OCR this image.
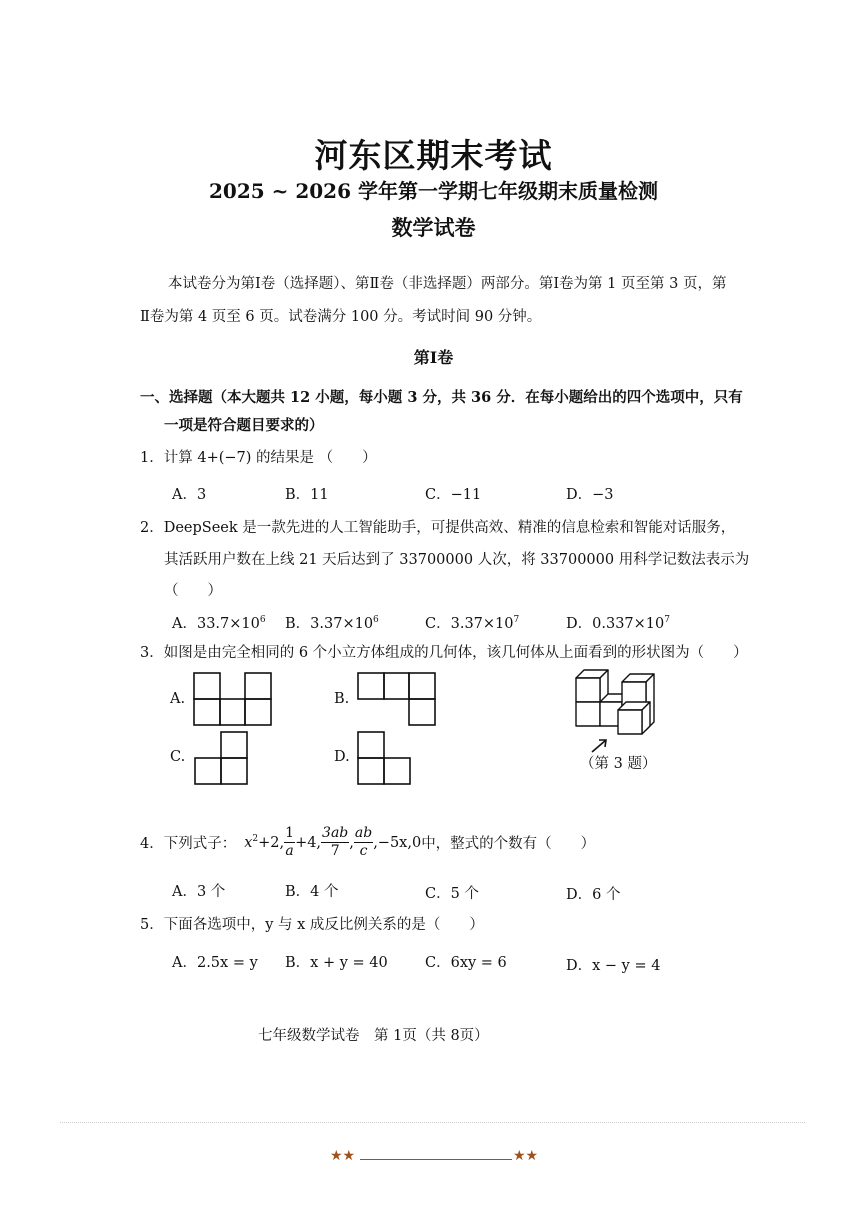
河东区期末考试
2025 ~ 2026 学年第一学期七年级期末质量检测
数学试卷
本试卷分为第Ⅰ卷（选择题）、第Ⅱ卷（非选择题）两部分。第Ⅰ卷为第 1 页至第 3 页，第
Ⅱ卷为第 4 页至 6 页。试卷满分 100 分。考试时间 90 分钟。
第Ⅰ卷
一、选择题（本大题共 12 小题，每小题 3 分，共 36 分．在每小题给出的四个选项中，只有
一项是符合题目要求的）
1．计算 4+(−7) 的结果是 （　　）
A．3	B．11	C．−11	D．−3
2．DeepSeek 是一款先进的人工智能助手，可提供高效、精准的信息检索和智能对话服务，
其活跃用户数在上线 21 天后达到了 33700000 人次，将 33700000 用科学记数法表示为
（　　）
A．$33.7\times 10^6$ B．$3.37\times 10^6$	C．$3.37\times 10^7$	D．$0.337\times 10^7$
3．如图是由完全相同的 6 个小立方体组成的几何体，该几何体从上面看到的形状图为（　　）
A.	B.
C.	D.	（第 3 题）
4．下列式子： $x^2 +2$, $\frac{1}{a} +4$, $\frac{3ab}{7}$ , $\frac{ab}{c} ,-5x,0$ 中，整式的个数有（　　）
A．3 个	B．4 个	C．5 个	D．6 个
5．下面各选项中，y 与 x 成反比例关系的是（　　）
A．2.5x = y B．x + y = 40	C．6xy = 6	D．x − y = 4
七年级数学试卷　第 1页（共 8页）
★★	★★
